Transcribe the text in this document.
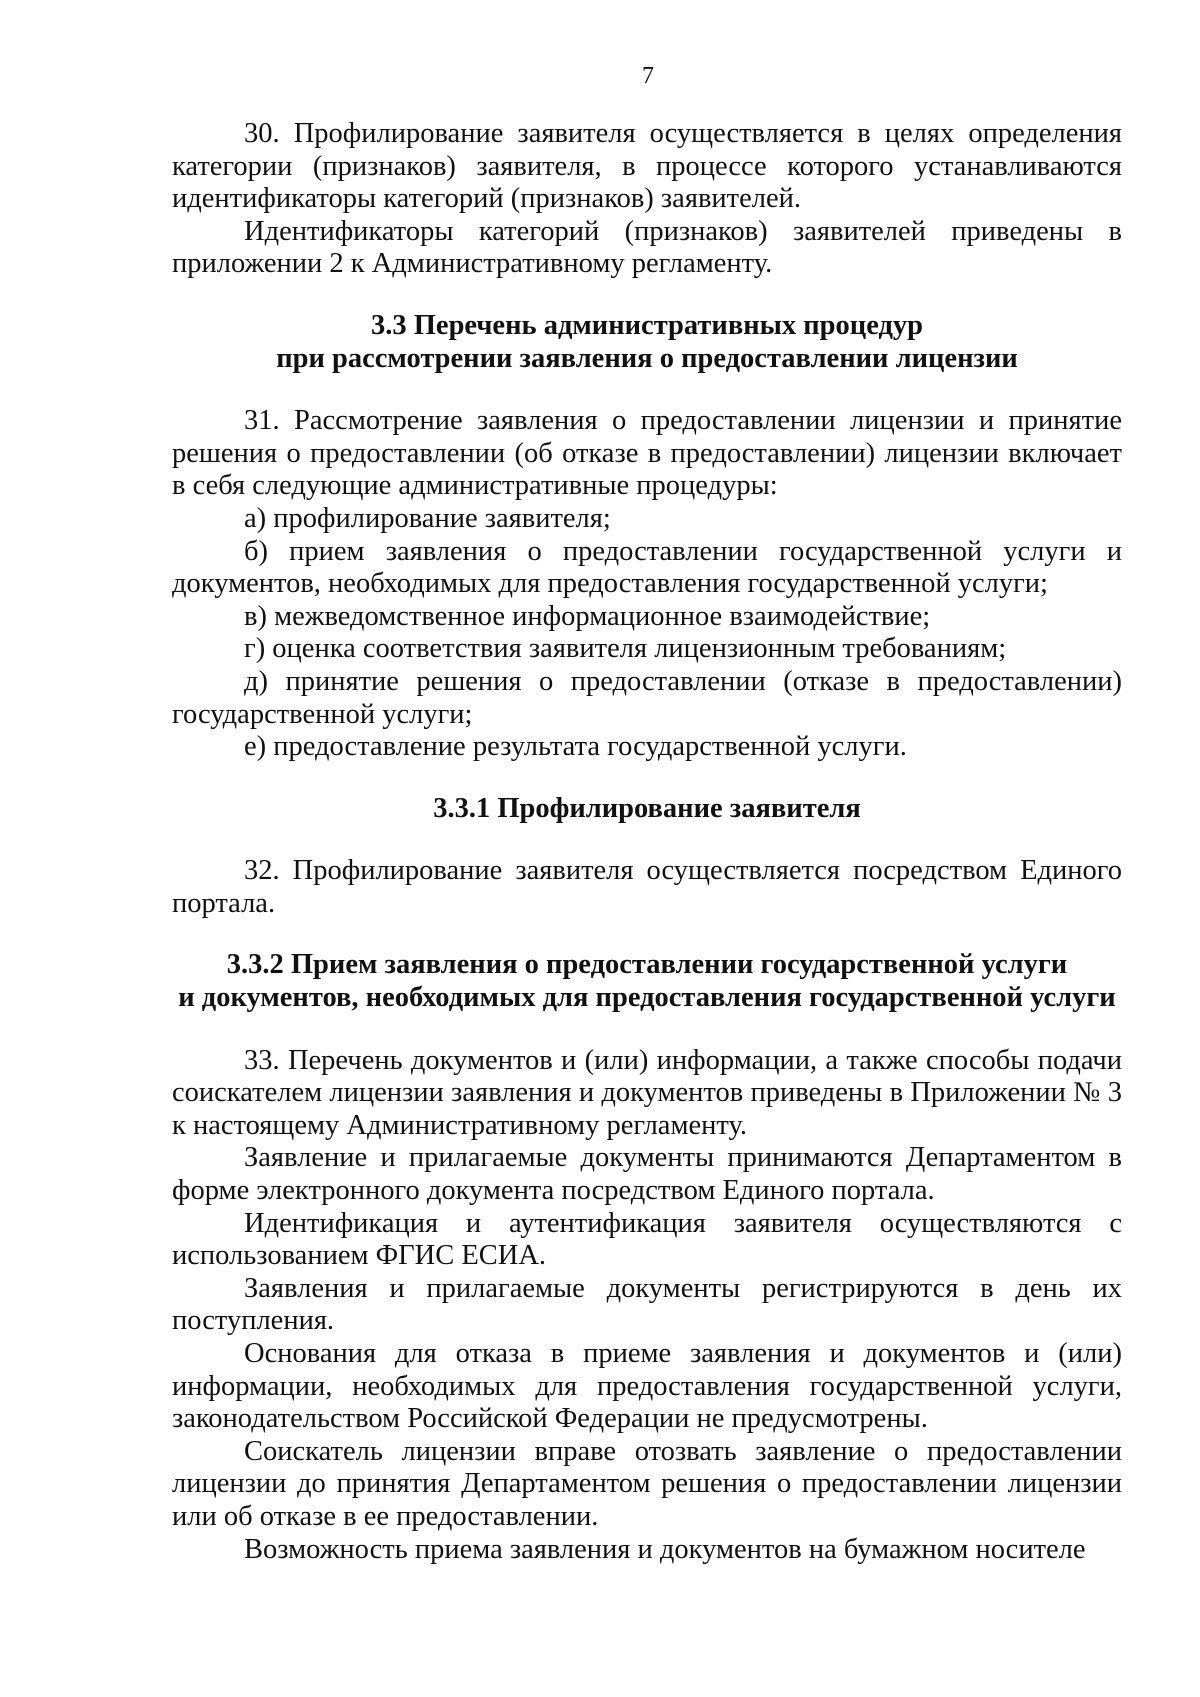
7

30. Профилирование заявителя осуществляется в целях определения категории (признаков) заявителя, в процессе которого устанавливаются идентификаторы категорий (признаков) заявителей.

Идентификаторы категорий (признаков) заявителей приведены в приложении 2 к Административному регламенту.

3.3 Перечень административных процедур
при рассмотрении заявления о предоставлении лицензии

31. Рассмотрение заявления о предоставлении лицензии и принятие решения о предоставлении (об отказе в предоставлении) лицензии включает в себя следующие административные процедуры:

а) профилирование заявителя;

б) прием заявления о предоставлении государственной услуги и документов, необходимых для предоставления государственной услуги;

в) межведомственное информационное взаимодействие;

г) оценка соответствия заявителя лицензионным требованиям;

д) принятие решения о предоставлении (отказе в предоставлении) государственной услуги;

е) предоставление результата государственной услуги.

3.3.1 Профилирование заявителя

32. Профилирование заявителя осуществляется посредством Единого портала.

3.3.2 Прием заявления о предоставлении государственной услуги
и документов, необходимых для предоставления государственной услуги

33. Перечень документов и (или) информации, а также способы подачи соискателем лицензии заявления и документов приведены в Приложении № 3 к настоящему Административному регламенту.

Заявление и прилагаемые документы принимаются Департаментом в форме электронного документа посредством Единого портала.

Идентификация и аутентификация заявителя осуществляются с использованием ФГИС ЕСИА.

Заявления и прилагаемые документы регистрируются в день их поступления.

Основания для отказа в приеме заявления и документов и (или) информации, необходимых для предоставления государственной услуги, законодательством Российской Федерации не предусмотрены.

Соискатель лицензии вправе отозвать заявление о предоставлении лицензии до принятия Департаментом решения о предоставлении лицензии или об отказе в ее предоставлении.

Возможность приема заявления и документов на бумажном носителе
